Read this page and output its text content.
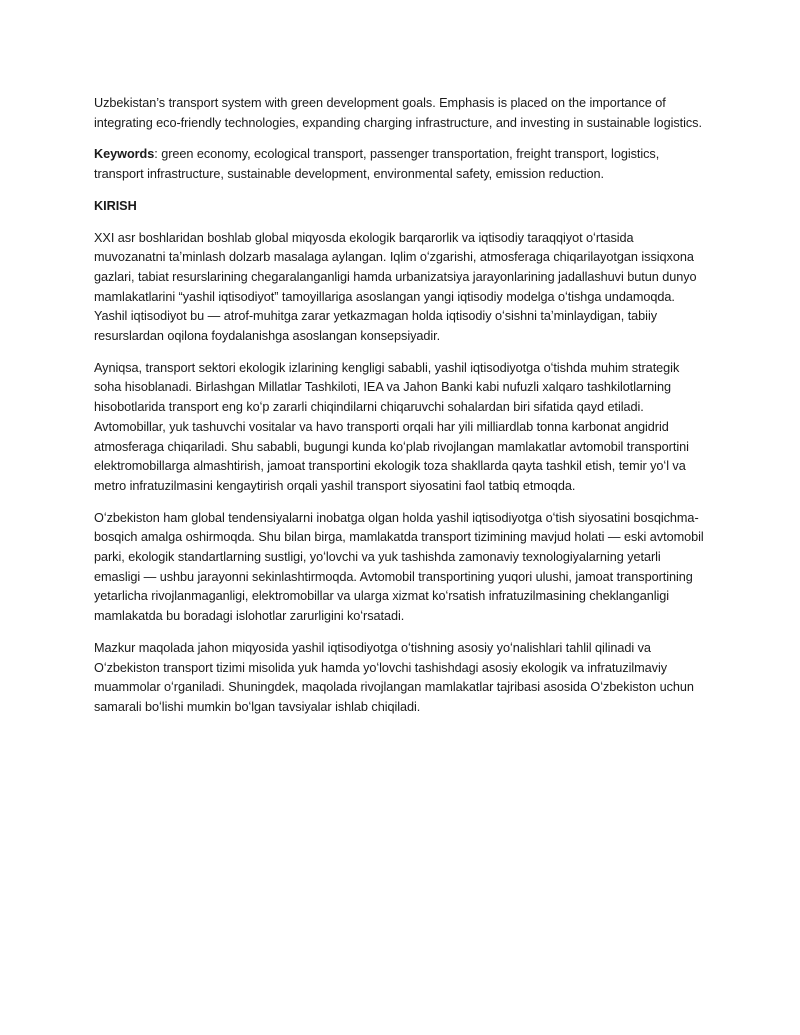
Uzbekistan’s transport system with green development goals. Emphasis is placed on the importance of integrating eco-friendly technologies, expanding charging infrastructure, and investing in sustainable logistics.

Keywords: green economy, ecological transport, passenger transportation, freight transport, logistics, transport infrastructure, sustainable development, environmental safety, emission reduction.

KIRISH

XXI asr boshlaridan boshlab global miqyosda ekologik barqarorlik va iqtisodiy taraqqiyot oʻrtasida muvozanatni taʼminlash dolzarb masalaga aylangan. Iqlim oʻzgarishi, atmosferaga chiqarilayotgan issiqxona gazlari, tabiat resurslarining chegaralanganligi hamda urbanizatsiya jarayonlarining jadallashuvi butun dunyo mamlakatlarini “yashil iqtisodiyot” tamoyillariga asoslangan yangi iqtisodiy modelga oʻtishga undamoqda. Yashil iqtisodiyot bu — atrof-muhitga zarar yetkazmagan holda iqtisodiy oʻsishni taʼminlaydigan, tabiiy resurslardan oqilona foydalanishga asoslangan konsepsiyadir.

Ayniqsa, transport sektori ekologik izlarining kengligi sababli, yashil iqtisodiyotga oʻtishda muhim strategik soha hisoblanadi. Birlashgan Millatlar Tashkiloti, IEA va Jahon Banki kabi nufuzli xalqaro tashkilotlarning hisobotlarida transport eng koʻp zararli chiqindilarni chiqaruvchi sohalardan biri sifatida qayd etiladi. Avtomobillar, yuk tashuvchi vositalar va havo transporti orqali har yili milliardlab tonna karbonat angidrid atmosferaga chiqariladi. Shu sababli, bugungi kunda koʻplab rivojlangan mamlakatlar avtomobil transportini elektromobillarga almashtirish, jamoat transportini ekologik toza shakllarda qayta tashkil etish, temir yoʻl va metro infratuzilmasini kengaytirish orqali yashil transport siyosatini faol tatbiq etmoqda.

Oʻzbekiston ham global tendensiyalarni inobatga olgan holda yashil iqtisodiyotga oʻtish siyosatini bosqichma-bosqich amalga oshirmoqda. Shu bilan birga, mamlakatda transport tizimining mavjud holati — eski avtomobil parki, ekologik standartlarning sustligi, yoʻlovchi va yuk tashishda zamonaviy texnologiyalarning yetarli emasligi — ushbu jarayonni sekinlashtirmoqda. Avtomobil transportining yuqori ulushi, jamoat transportining yetarlicha rivojlanmaganligi, elektromobillar va ularga xizmat koʻrsatish infratuzilmasining cheklanganligi mamlakatda bu boradagi islohotlar zarurligini koʻrsatadi.

Mazkur maqolada jahon miqyosida yashil iqtisodiyotga oʻtishning asosiy yoʻnalishlari tahlil qilinadi va Oʻzbekiston transport tizimi misolida yuk hamda yoʻlovchi tashishdagi asosiy ekologik va infratuzilmaviy muammolar oʻrganiladi. Shuningdek, maqolada rivojlangan mamlakatlar tajribasi asosida Oʻzbekiston uchun samarali boʻlishi mumkin boʻlgan tavsiyalar ishlab chiqiladi.
